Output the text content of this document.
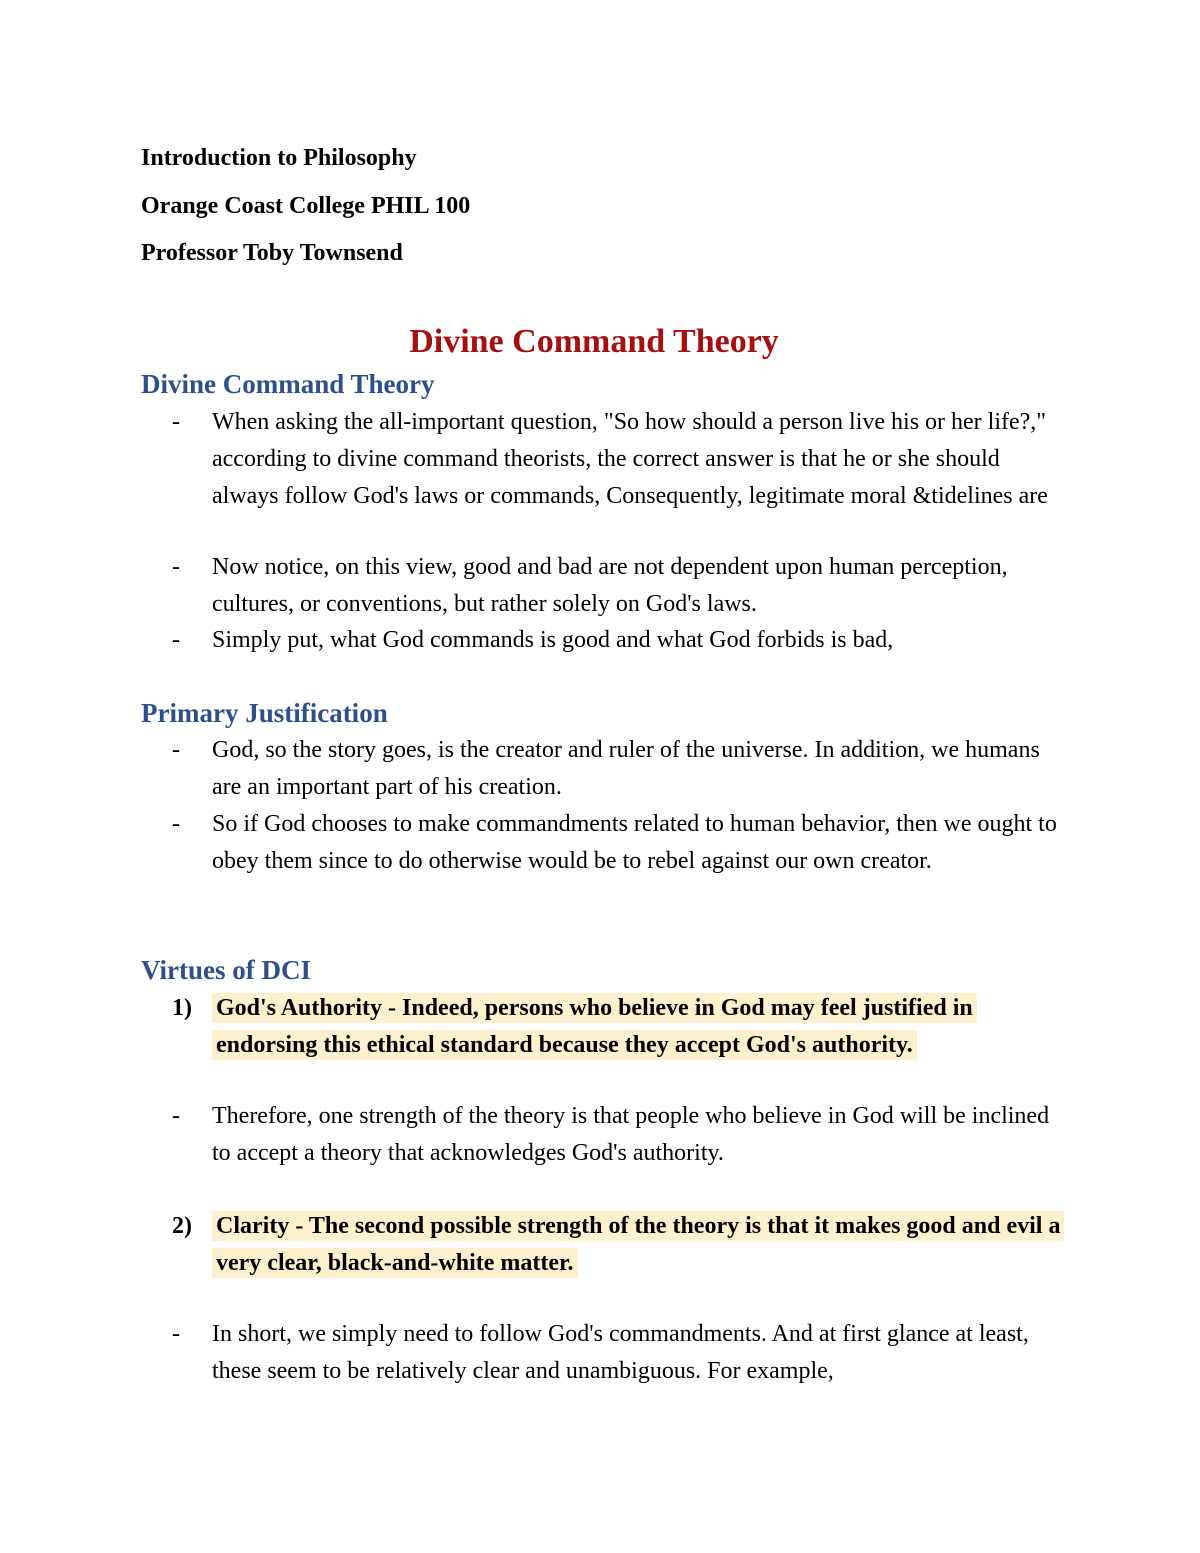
Introduction to Philosophy
Orange Coast College PHIL 100
Professor Toby Townsend
Divine Command Theory
Divine Command Theory
-	When asking the all-important question, "So how should a person live his or her life?," according to divine command theorists, the correct answer is that he or she should always follow God's laws or commands, Consequently, legitimate moral &tidelines are
-	Now notice, on this view, good and bad are not dependent upon human perception, cultures, or conventions, but rather solely on God's laws.
-	Simply put, what God commands is good and what God forbids is bad,
Primary Justification
-	God, so the story goes, is the creator and ruler of the universe. In addition, we humans are an important part of his creation.
-	So if God chooses to make commandments related to human behavior, then we ought to obey them since to do otherwise would be to rebel against our own creator.
Virtues of DCI
1)	God's Authority - Indeed, persons who believe in God may feel justified in endorsing this ethical standard because they accept God's authority.
-	Therefore, one strength of the theory is that people who believe in God will be inclined to accept a theory that acknowledges God's authority.
2)	Clarity - The second possible strength of the theory is that it makes good and evil a very clear, black-and-white matter.
-	In short, we simply need to follow God's commandments. And at first glance at least, these seem to be relatively clear and unambiguous. For example,
